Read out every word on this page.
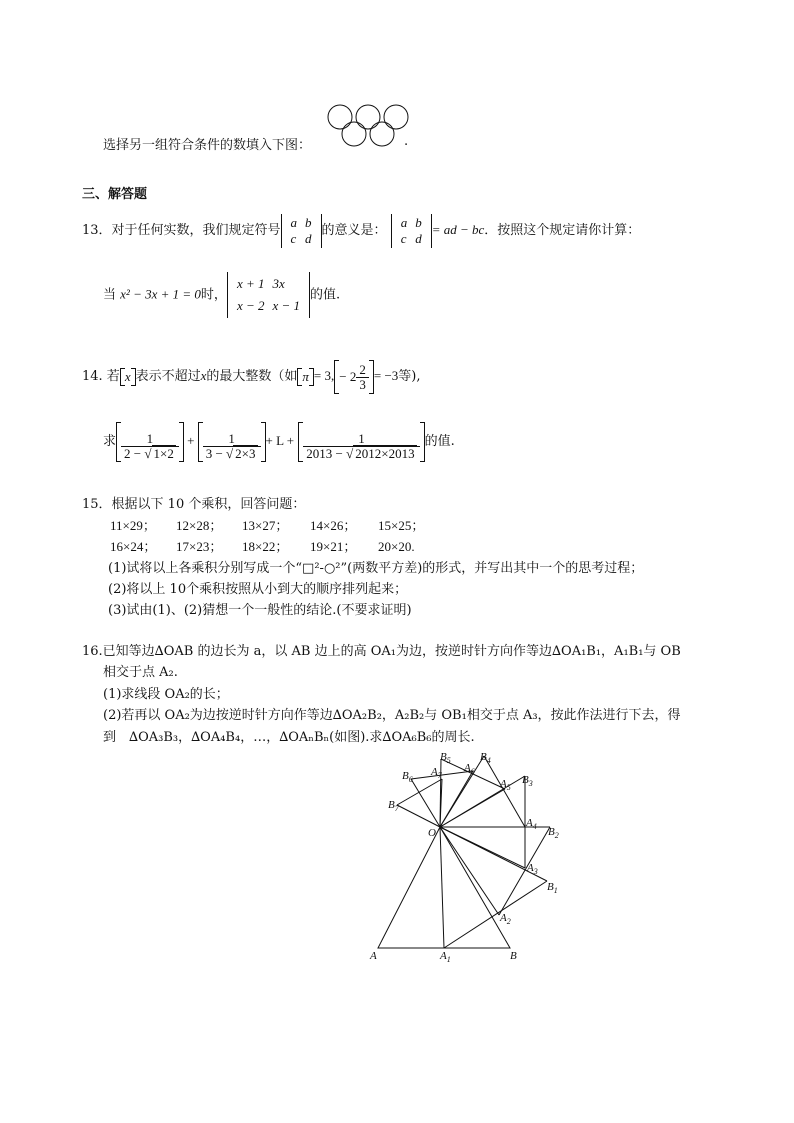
选择另一组符合条件的数填入下图：	.
三、解答题
13．对于任何实数，我们规定符号
a	b
c	d 的意义是：
a	b
c	d
= ad − bc．按照这个规定请你计算：
当 x² − 3x + 1 = 0时，
x + 1	3x
x − 2	x − 1
的值.
14. 若 x 表示不超过x的最大整数（如 π = 3, − $2 \frac{2}{3} = -3$等),
求 $\frac{1}{2 - √ 1\times 2} + \frac{1}{3 - √ 2\times 3} + L + \frac{1}{2013 - √ 2012\times 2013}$ 的值.
15．根据以下 10 个乘积，回答问题：
11×29； 12×28； 13×27； 14×26； 15×25；
16×24； 17×23； 18×22； 19×21； 20×20.
(1)试将以上各乘积分别写成一个“□²-○²”(两数平方差)的形式，并写出其中一个的思考过程；
(2)将以上 10个乘积按照从小到大的顺序排列起来；
(3)试由(1)、(2)猜想一个一般性的结论.(不要求证明)
16.已知等边∆OAB 的边长为 a，以 AB 边上的高 OA₁为边，按逆时针方向作等边∆OA₁B₁，A₁B₁与 OB
相交于点 A₂.
(1)求线段 OA₂的长；
(2)若再以 OA₂为边按逆时针方向作等边∆OA₂B₂，A₂B₂与 OB₁相交于点 A₃，按此作法进行下去，得
到　∆OA₃B₃，∆OA₄B₄，…，∆OAₙBₙ(如图).求∆OA₆B₆的周长.
O
A	B
$A_1$
$A_2$
$A_3$
$A_4$
$A_5$
$A_6$
$A_7$
$B_1$
$B_2$
$B_3$
$B_4$
$B_5$
$B_6$
$B_7$
